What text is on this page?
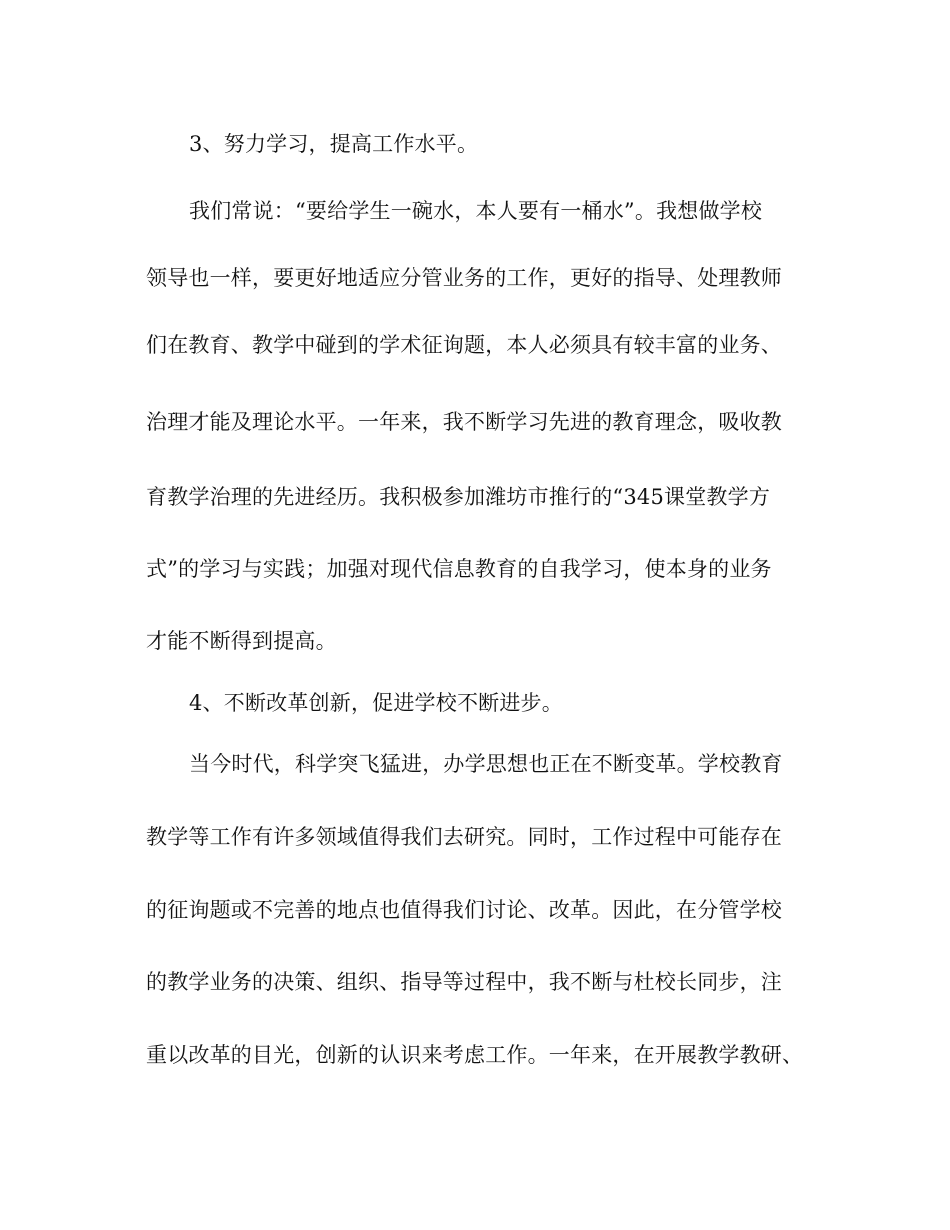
3、努力学习，提高工作水平。
我们常说：“要给学生一碗水，本人要有一桶水”。我想做学校
领导也一样，要更好地适应分管业务的工作，更好的指导、处理教师
们在教育、教学中碰到的学术征询题，本人必须具有较丰富的业务、
治理才能及理论水平。一年来，我不断学习先进的教育理念，吸收教
育教学治理的先进经历。我积极参加潍坊市推行的“345课堂教学方
式”的学习与实践；加强对现代信息教育的自我学习，使本身的业务
才能不断得到提高。
4、不断改革创新，促进学校不断进步。
当今时代，科学突飞猛进，办学思想也正在不断变革。学校教育
教学等工作有许多领域值得我们去研究。同时，工作过程中可能存在
的征询题或不完善的地点也值得我们讨论、改革。因此，在分管学校
的教学业务的决策、组织、指导等过程中，我不断与杜校长同步，注
重以改革的目光，创新的认识来考虑工作。一年来，在开展教学教研、
